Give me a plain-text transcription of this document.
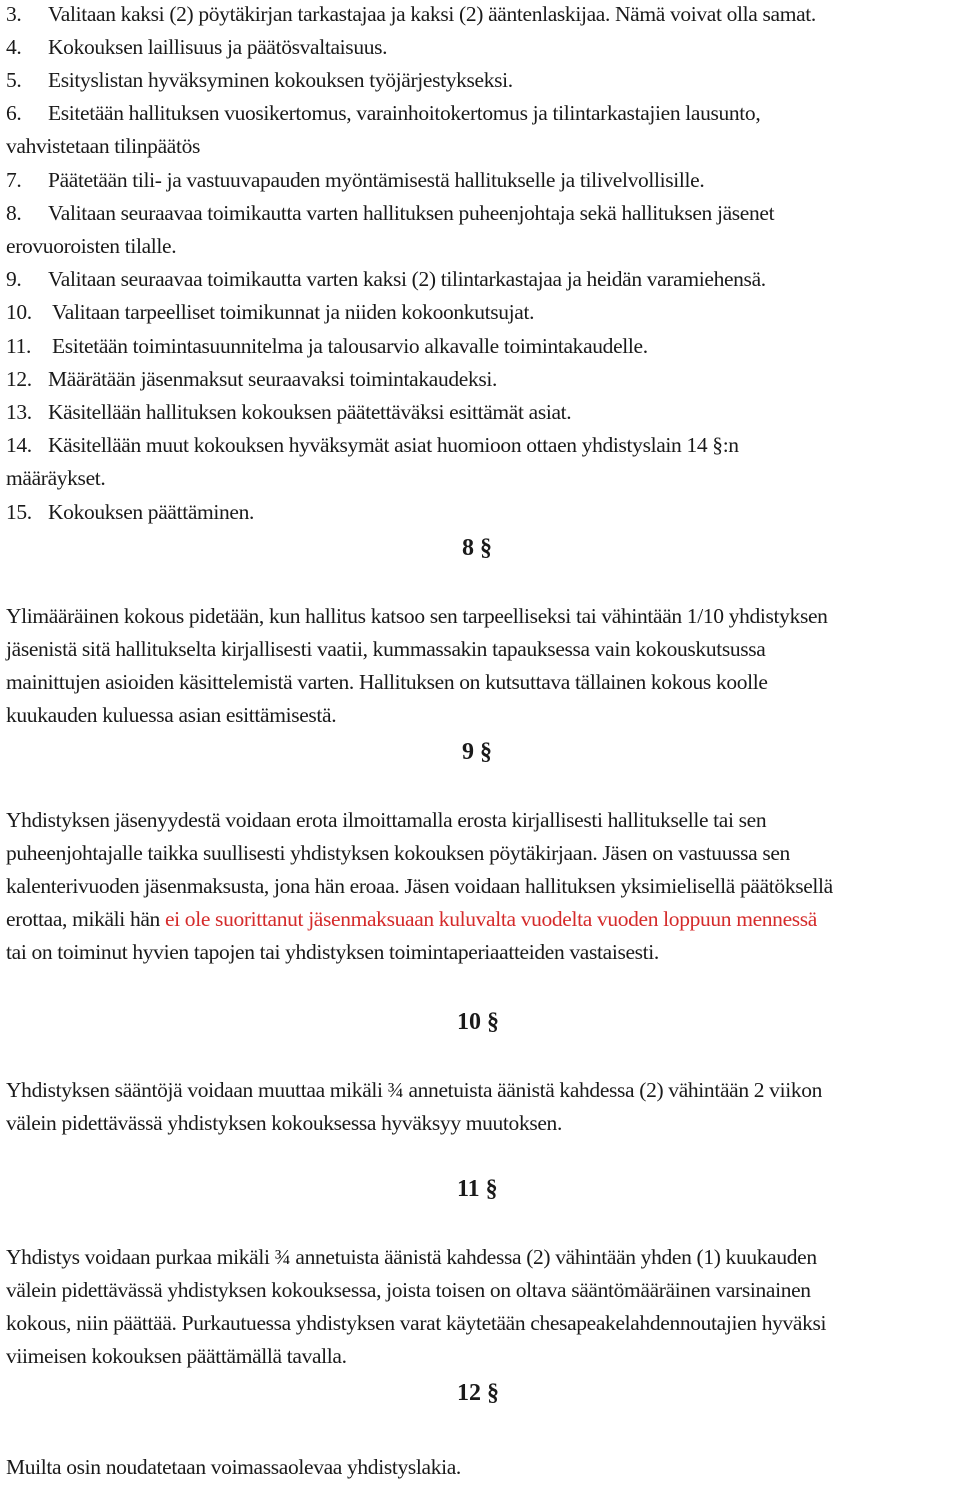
3. Valitaan kaksi (2) pöytäkirjan tarkastajaa ja kaksi (2) ääntenlaskijaa. Nämä voivat olla samat.
4. Kokouksen laillisuus ja päätösvaltaisuus.
5. Esityslistan hyväksyminen kokouksen työjärjestykseksi.
6. Esitetään hallituksen vuosikertomus, varainhoitokertomus ja tilintarkastajien lausunto,
vahvistetaan tilinpäätös
7. Päätetään tili- ja vastuuvapauden myöntämisestä hallitukselle ja tilivelvollisille.
8. Valitaan seuraavaa toimikautta varten hallituksen puheenjohtaja sekä hallituksen jäsenet
erovuoroisten tilalle.
9. Valitaan seuraavaa toimikautta varten kaksi (2) tilintarkastajaa ja heidän varamiehensä.
10. Valitaan tarpeelliset toimikunnat ja niiden kokoonkutsujat.
11. Esitetään toimintasuunnitelma ja talousarvio alkavalle toimintakaudelle.
12. Määrätään jäsenmaksut seuraavaksi toimintakaudeksi.
13. Käsitellään hallituksen kokouksen päätettäväksi esittämät asiat.
14. Käsitellään muut kokouksen hyväksymät asiat huomioon ottaen yhdistyslain 14 §:n
määräykset.
15. Kokouksen päättäminen.
8 §
Ylimääräinen kokous pidetään, kun hallitus katsoo sen tarpeelliseksi tai vähintään 1/10 yhdistyksen
jäsenistä sitä hallitukselta kirjallisesti vaatii, kummassakin tapauksessa vain kokouskutsussa
mainittujen asioiden käsittelemistä varten. Hallituksen on kutsuttava tällainen kokous koolle
kuukauden kuluessa asian esittämisestä.
9 §
Yhdistyksen jäsenyydestä voidaan erota ilmoittamalla erosta kirjallisesti hallitukselle tai sen
puheenjohtajalle taikka suullisesti yhdistyksen kokouksen pöytäkirjaan. Jäsen on vastuussa sen
kalenterivuoden jäsenmaksusta, jona hän eroaa. Jäsen voidaan hallituksen yksimielisellä päätöksellä
erottaa, mikäli hän ei ole suorittanut jäsenmaksuaan kuluvalta vuodelta vuoden loppuun mennessä
tai on toiminut hyvien tapojen tai yhdistyksen toimintaperiaatteiden vastaisesti.
10 §
Yhdistyksen sääntöjä voidaan muuttaa mikäli ¾ annetuista äänistä kahdessa (2) vähintään 2 viikon
välein pidettävässä yhdistyksen kokouksessa hyväksyy muutoksen.
11 §
Yhdistys voidaan purkaa mikäli ¾ annetuista äänistä kahdessa (2) vähintään yhden (1) kuukauden
välein pidettävässä yhdistyksen kokouksessa, joista toisen on oltava sääntömääräinen varsinainen
kokous, niin päättää. Purkautuessa yhdistyksen varat käytetään chesapeakelahdennoutajien hyväksi
viimeisen kokouksen päättämällä tavalla.
12 §
Muilta osin noudatetaan voimassaolevaa yhdistyslakia.
